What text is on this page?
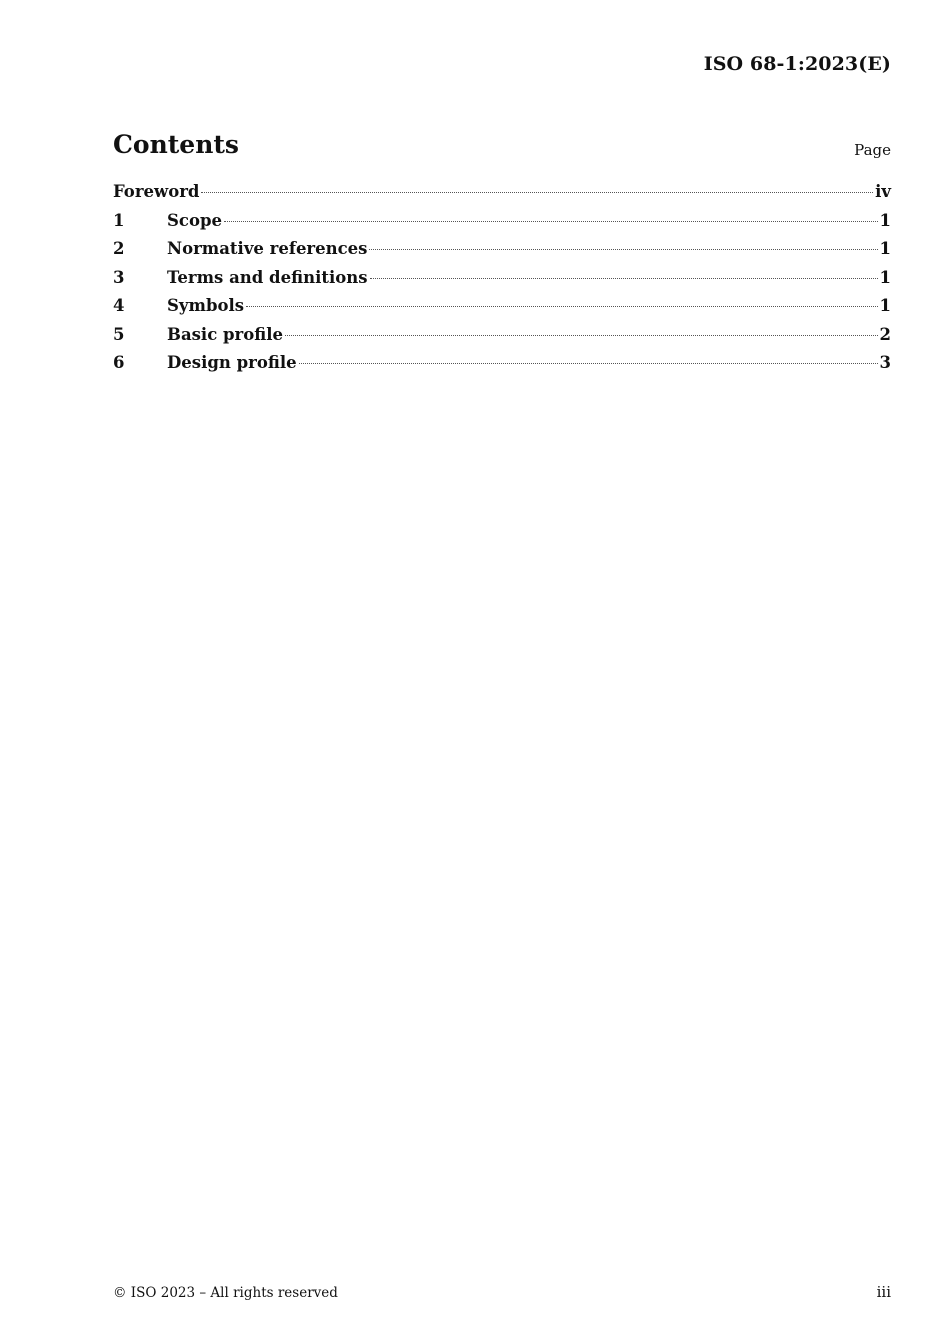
ISO 68-1:2023(E)
Contents	Page
Foreword	iv
1	Scope	1
2	Normative references	1
3	Terms and definitions	1
4	Symbols	1
5	Basic profile	2
6	Design profile	3
© ISO 2023 – All rights reserved	iii
